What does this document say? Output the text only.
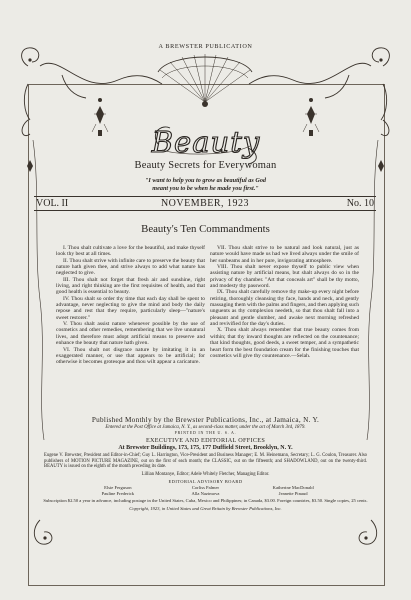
A BREWSTER PUBLICATION
Beauty
Beauty Secrets for Everywoman
"I want to help you to grow as beautiful as God
meant you to be when he made you first."
VOL. II	NOVEMBER, 1923	No. 10
Beauty's Ten Commandments

I. Thou shalt cultivate a love for the beautiful, and make thyself look thy best at all times.

II. Thou shalt strive with infinite care to preserve the beauty that nature hath given thee, and strive always to add what nature has neglected to give.

III. Thou shalt not forget that fresh air and sunshine, right living, and right thinking are the first requisites of health, and that good health is essential to beauty.

IV. Thou shalt so order thy time that each day shall be spent to advantage, never neglecting to give the mind and body the daily repose and rest that they require, particularly sleep—"nature's sweet restorer."

V. Thou shalt assist nature whenever possible by the use of cosmetics and other remedies, remembering that we live unnatural lives, and therefore must adopt artificial means to preserve and enhance the beauty that nature hath given.

VI. Thou shalt not disgrace nature by imitating it in an exaggerated manner, or use that appears to be artificial; for otherwise it becomes grotesque and thou wilt appear a caricature.

VII. Thou shalt strive to be natural and look natural, just as nature would have made us had we lived always under the smile of her sunbeams and in her pure, invigorating atmosphere.

VIII. Thou shalt never expose thyself to public view when assisting nature by artificial means, but shalt always do so in the privacy of thy chamber. "Art that conceals art" shall be thy motto, and modesty thy password.

IX. Thou shalt carefully remove thy make-up every night before retiring, thoroughly cleansing thy face, hands and neck, and gently massaging them with the palms and fingers, and then applying such unguents as thy complexion needeth, so that thou shalt fall into a pleasant and gentle slumber, and awake next morning refreshed and revivified for the day's duties.

X. Thou shalt always remember that true beauty comes from within; that thy inward thoughts are reflected on the countenance; that kind thoughts, good deeds, a sweet temper, and a sympathetic heart form the best foundation cream for the finishing touches that cosmetics will give thy countenance.—Selah.

Published Monthly by the Brewster Publications, Inc., at Jamaica, N. Y.
Entered at the Post Office at Jamaica, N. Y., as second-class matter, under the act of March 3rd, 1879.
PRINTED IN THE U. S. A.
EXECUTIVE AND EDITORIAL OFFICES
At Brewster Buildings, 173, 175, 177 Duffield Street, Brooklyn, N. Y.
Eugene V. Brewster, President and Editor-in-Chief; Guy L. Harrington, Vice-President and Business Manager; E. M. Heinemann, Secretary; L. G. Coulon, Treasurer. Also publishers of MOTION PICTURE MAGAZINE, out on the first of each month; the CLASSIC, out on the fifteenth; and SHADOWLAND, out on the twenty-third. BEAUTY is issued on the eighth of the month preceding its date.
Lillian Montanye, Editor; Adele Whitely Fletcher, Managing Editor.
EDITORIAL ADVISORY BOARD
Elsie Ferguson	Corliss Palmer	Katherine MacDonald
Pauline Frederick	Alla Nazimova	Jeanette Pinaud
Subscription $2.50 a year in advance, including postage in the United States, Cuba, Mexico and Philippines; in Canada, $3.00. Foreign countries, $3.50. Single copies, 25 cents.
Copyright, 1923, in United States and Great Britain by Brewster Publications, Inc.
